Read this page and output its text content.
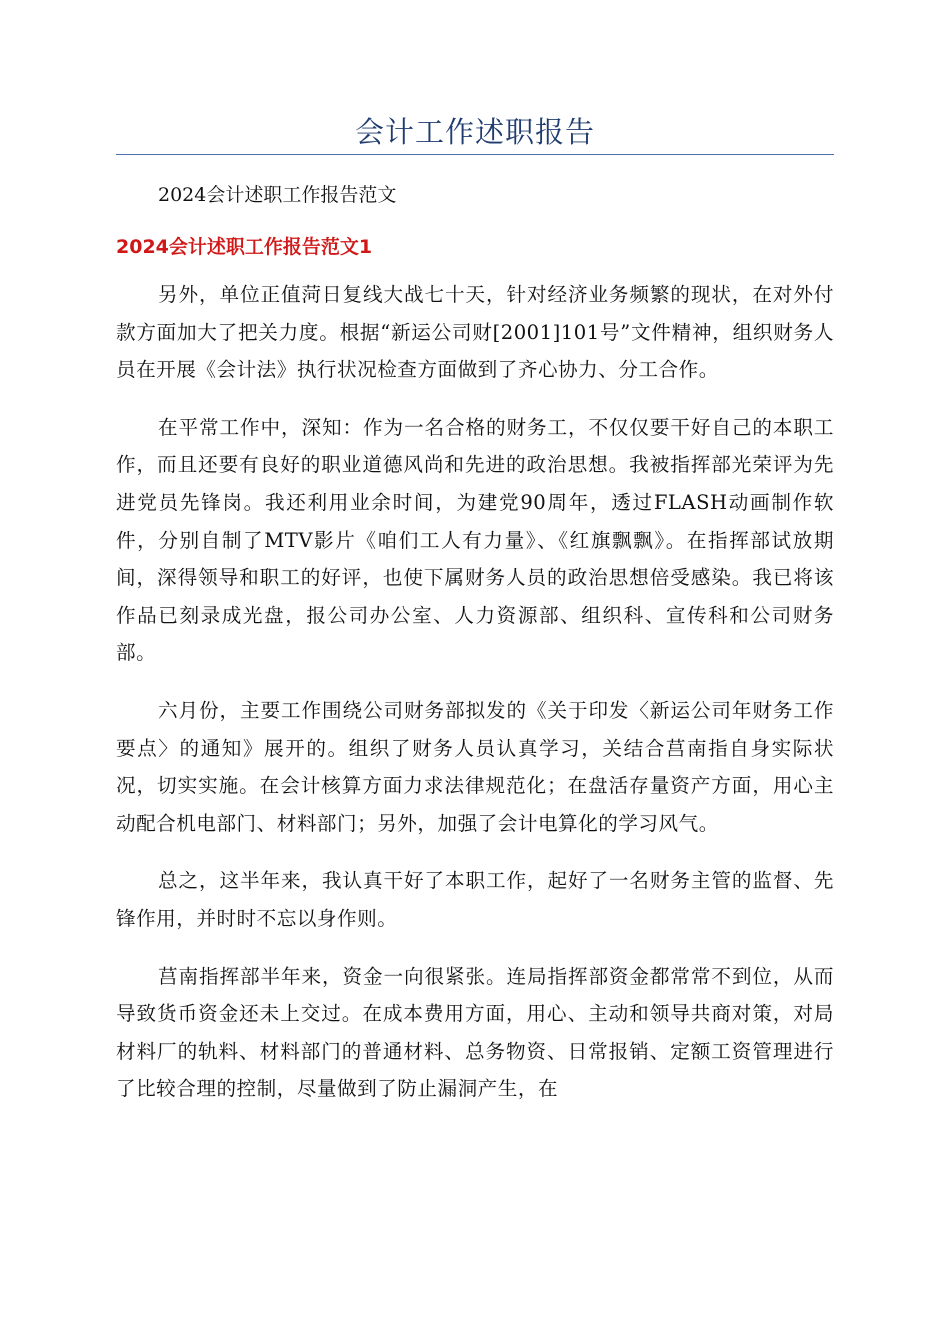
会计工作述职报告
2024会计述职工作报告范文
2024会计述职工作报告范文1

另外，单位正值菏日复线大战七十天，针对经济业务频繁的现状，在对外付款方面加大了把关力度。根据“新运公司财[2001]101号”文件精神，组织财务人员在开展《会计法》执行状况检查方面做到了齐心协力、分工合作。

在平常工作中，深知：作为一名合格的财务工，不仅仅要干好自己的本职工作，而且还要有良好的职业道德风尚和先进的政治思想。我被指挥部光荣评为先进党员先锋岗。我还利用业余时间，为建党90周年，透过FLASH动画制作软件，分别自制了MTV影片《咱们工人有力量》、《红旗飘飘》。在指挥部试放期间，深得领导和职工的好评，也使下属财务人员的政治思想倍受感染。我已将该作品已刻录成光盘，报公司办公室、人力资源部、组织科、宣传科和公司财务部。

六月份，主要工作围绕公司财务部拟发的《关于印发〈新运公司年财务工作要点〉的通知》展开的。组织了财务人员认真学习，关结合莒南指自身实际状况，切实实施。在会计核算方面力求法律规范化；在盘活存量资产方面，用心主动配合机电部门、材料部门；另外，加强了会计电算化的学习风气。

总之，这半年来，我认真干好了本职工作，起好了一名财务主管的监督、先锋作用，并时时不忘以身作则。

莒南指挥部半年来，资金一向很紧张。连局指挥部资金都常常不到位，从而导致货币资金还未上交过。在成本费用方面，用心、主动和领导共商对策，对局材料厂的轨料、材料部门的普通材料、总务物资、日常报销、定额工资管理进行了比较合理的控制，尽量做到了防止漏洞产生，在
